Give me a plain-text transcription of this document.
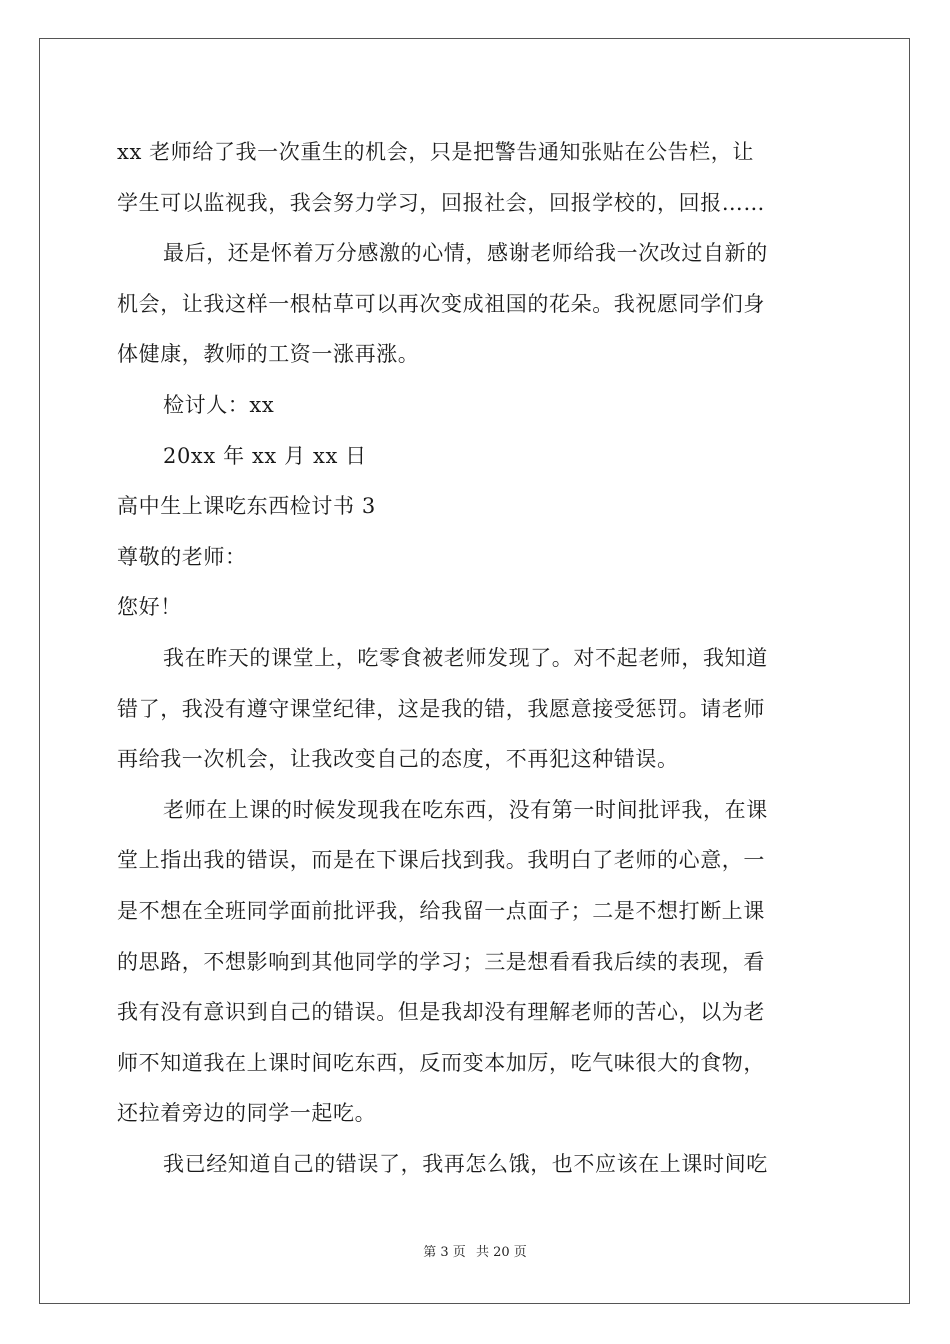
xx 老师给了我一次重生的机会，只是把警告通知张贴在公告栏，让
学生可以监视我，我会努力学习，回报社会，回报学校的，回报……
最后，还是怀着万分感激的心情，感谢老师给我一次改过自新的
机会，让我这样一根枯草可以再次变成祖国的花朵。我祝愿同学们身
体健康，教师的工资一涨再涨。
检讨人：xx
20xx 年 xx 月 xx 日
高中生上课吃东西检讨书 3
尊敬的老师：
您好！
我在昨天的课堂上，吃零食被老师发现了。对不起老师，我知道
错了，我没有遵守课堂纪律，这是我的错，我愿意接受惩罚。请老师
再给我一次机会，让我改变自己的态度，不再犯这种错误。
老师在上课的时候发现我在吃东西，没有第一时间批评我，在课
堂上指出我的错误，而是在下课后找到我。我明白了老师的心意，一
是不想在全班同学面前批评我，给我留一点面子；二是不想打断上课
的思路，不想影响到其他同学的学习；三是想看看我后续的表现，看
我有没有意识到自己的错误。但是我却没有理解老师的苦心，以为老
师不知道我在上课时间吃东西，反而变本加厉，吃气味很大的食物，
还拉着旁边的同学一起吃。
我已经知道自己的错误了，我再怎么饿，也不应该在上课时间吃
第 3 页 共 20 页
